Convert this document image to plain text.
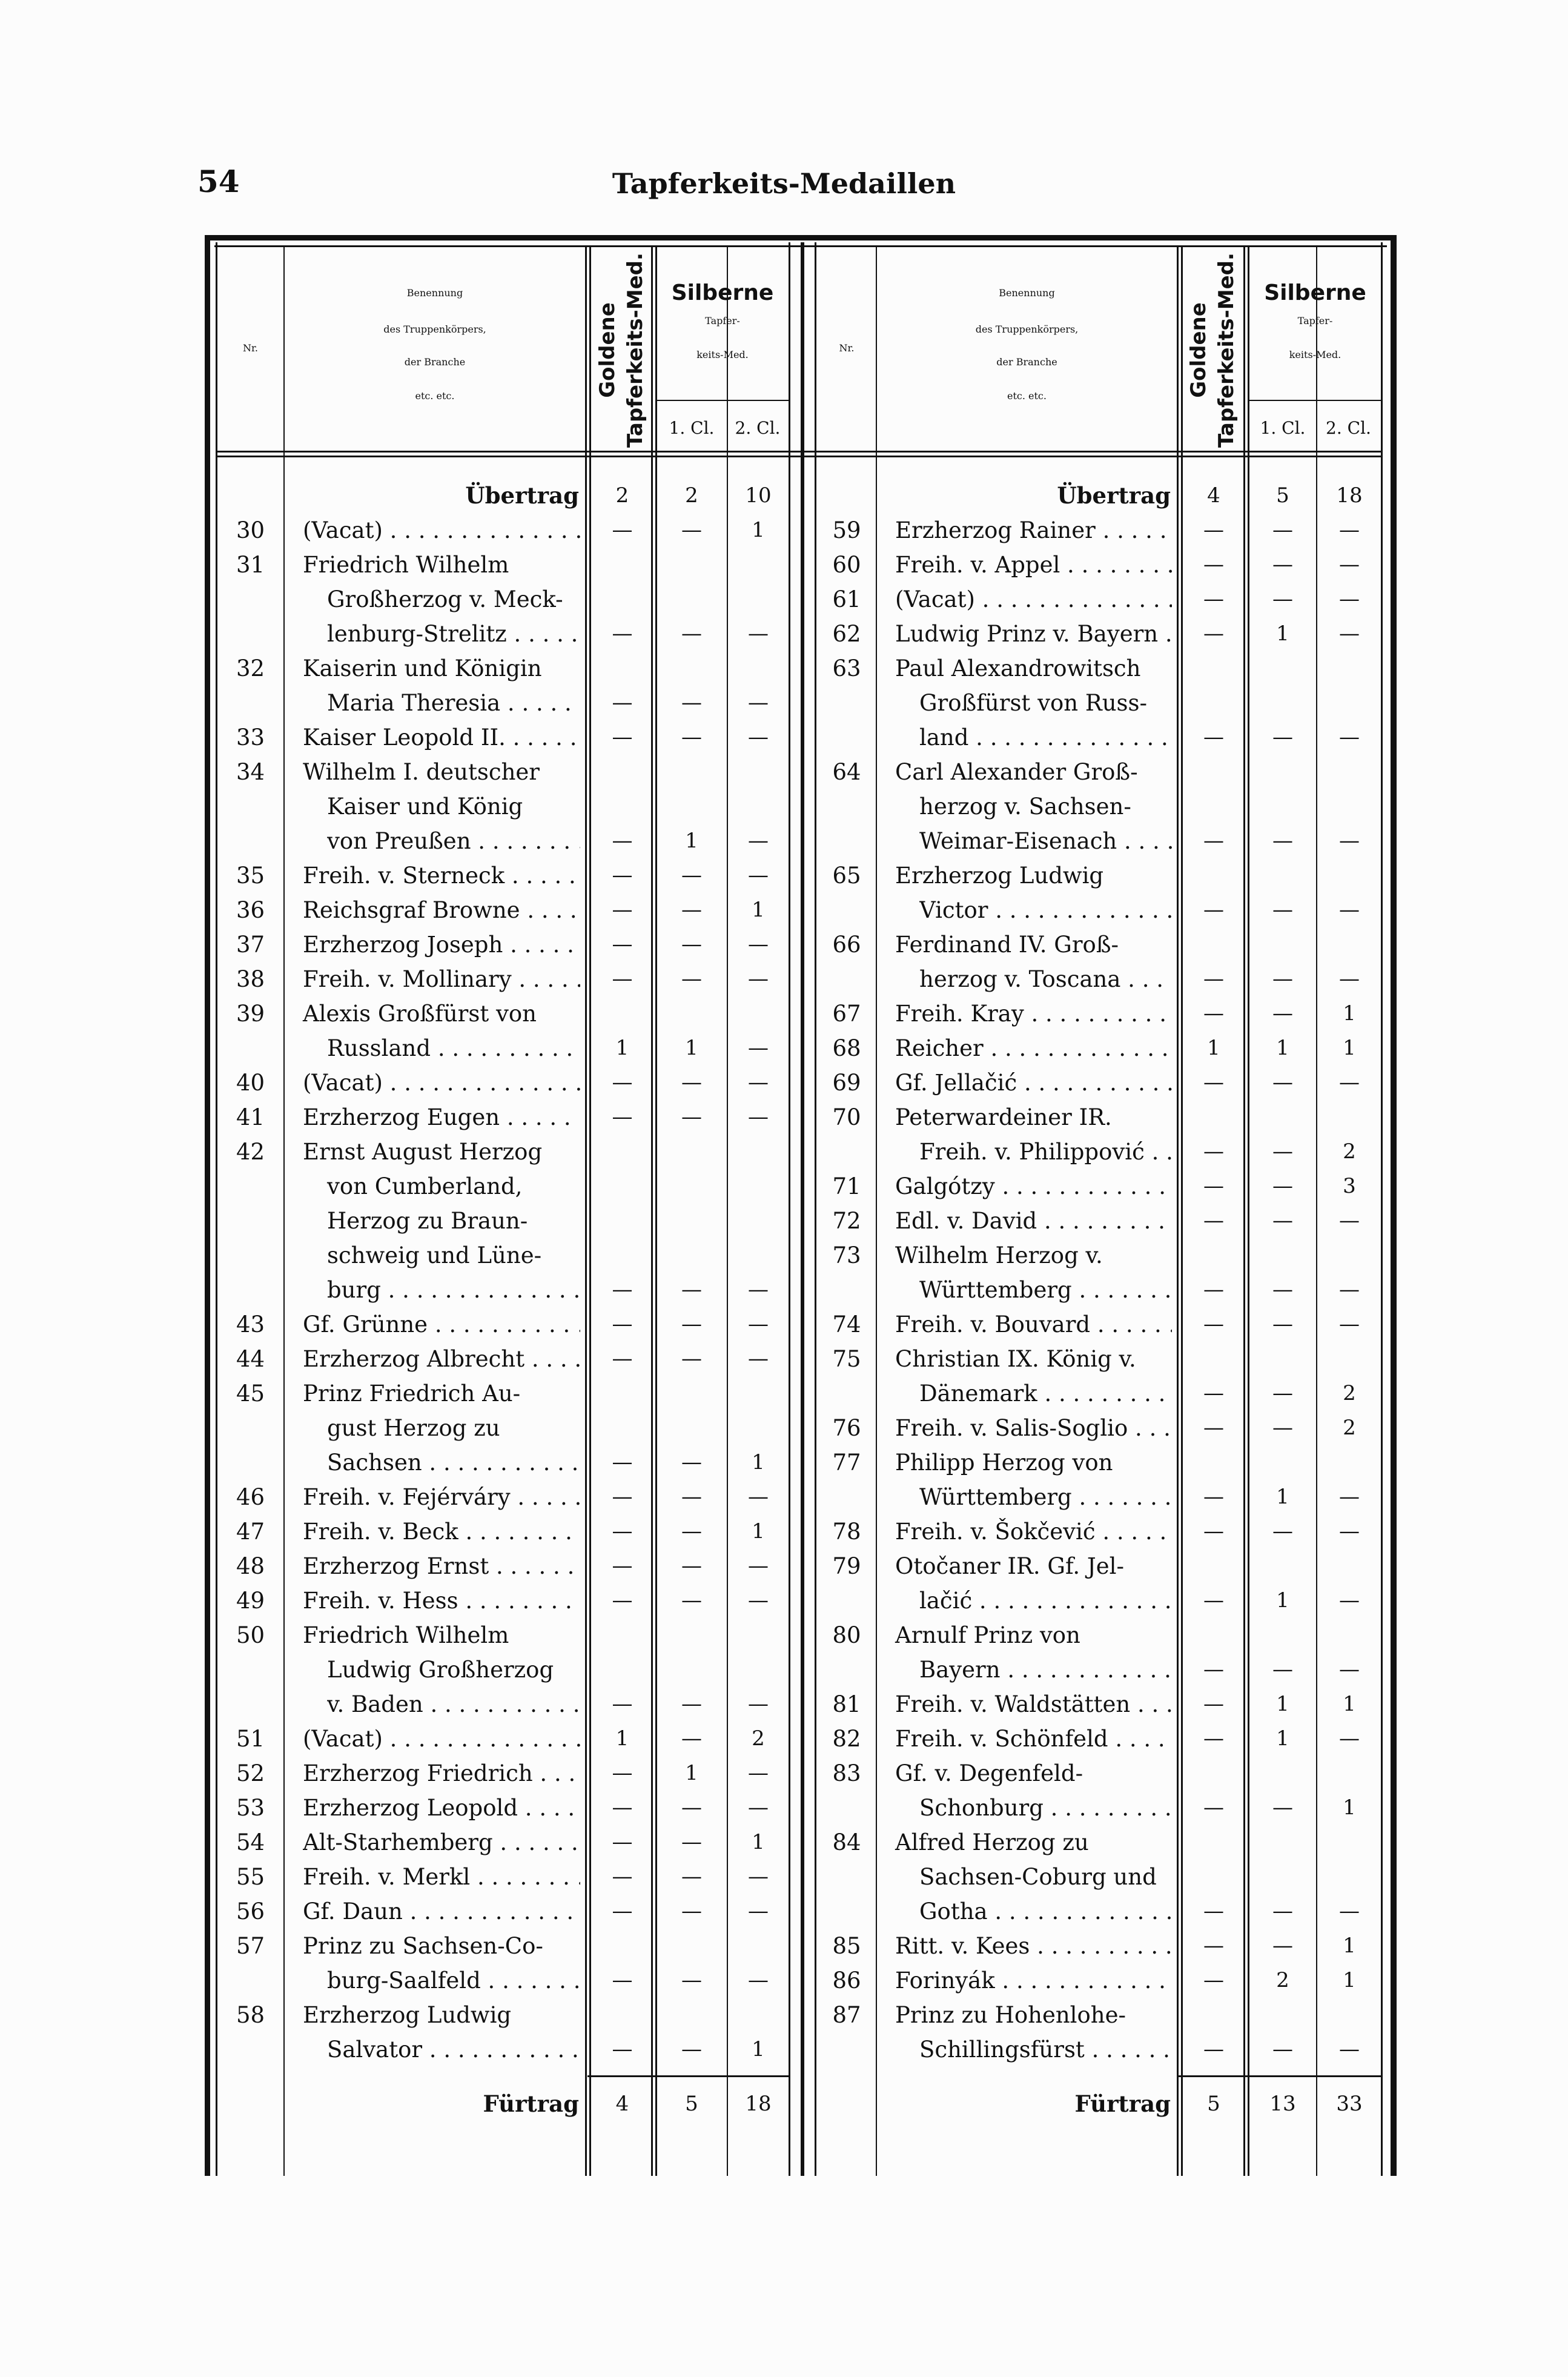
54	Tapferkeits-Medaillen
Nr.
Benennung
des Truppenkörpers,
der Branche
etc. etc.	Goldene Tapferkeits-Med.	Silberne
Tapfer-
keits-Med.
1. Cl.	2. Cl.
Übertrag	2	2	10
30	(Vacat) . . .	—	—	1
31	Friedrich Wilhelm
Großherzog v. Meck-
lenburg-Strelitz . . .	—	—	—
32	Kaiserin und Königin
Maria Theresia . . .	—	—	—
33	Kaiser Leopold II. . . .	—	—	—
34	Wilhelm I. deutscher
Kaiser und König
von Preußen . . .	—	1	—
35	Freih. v. Sterneck . . .	—	—	—
36	Reichsgraf Browne . . .	—	—	1
37	Erzherzog Joseph . . .	—	—	—
38	Freih. v. Mollinary . . .	—	—	—
39	Alexis Großfürst von
Russland . . .	1	1	—
40	(Vacat) . . .	—	—	—
41	Erzherzog Eugen . . .	—	—	—
42	Ernst August Herzog
von Cumberland,
Herzog zu Braun-
schweig und Lüne-
burg . . .	—	—	—
43	Gf. Grünne . . .	—	—	—
44	Erzherzog Albrecht . . .	—	—	—
45	Prinz Friedrich Au-
gust Herzog zu
Sachsen . . .	—	—	1
46	Freih. v. Fejérváry . . .	—	—	—
47	Freih. v. Beck . . .	—	—	1
48	Erzherzog Ernst . . .	—	—	—
49	Freih. v. Hess . . .	—	—	—
50	Friedrich Wilhelm
Ludwig Großherzog
v. Baden . . .	—	—	—
51	(Vacat) . . .	1	—	2
52	Erzherzog Friedrich . . .	—	1	—
53	Erzherzog Leopold . . .	—	—	—
54	Alt-Starhemberg . . .	—	—	1
55	Freih. v. Merkl . . .	—	—	—
56	Gf. Daun . . .	—	—	—
57	Prinz zu Sachsen-Co-
burg-Saalfeld . . .	—	—	—
58	Erzherzog Ludwig
Salvator . . .	—	—	1
Fürtrag	4	5	18
Nr.
Benennung
des Truppenkörpers,
der Branche
etc. etc.	Goldene Tapferkeits-Med.	Silberne
Tapfer-
keits-Med.
1. Cl.	2. Cl.
Übertrag	4	5	18
59	Erzherzog Rainer . . .	—	—	—
60	Freih. v. Appel . . .	—	—	—
61	(Vacat) . . .	—	—	—
62	Ludwig Prinz v. Bayern . . .	—	1	—
63	Paul Alexandrowitsch
Großfürst von Russ-
land . . .	—	—	—
64	Carl Alexander Groß-
herzog v. Sachsen-
Weimar-Eisenach . . .	—	—	—
65	Erzherzog Ludwig
Victor . . .	—	—	—
66	Ferdinand IV. Groß-
herzog v. Toscana . . .	—	—	—
67	Freih. Kray . . .	—	—	1
68	Reicher . . .	1	1	1
69	Gf. Jellačić . . .	—	—	—
70	Peterwardeiner IR.
Freih. v. Philippović . . .	—	—	2
71	Galgótzy . . .	—	—	3
72	Edl. v. David . . .	—	—	—
73	Wilhelm Herzog v.
Württemberg . . .	—	—	—
74	Freih. v. Bouvard . . .	—	—	—
75	Christian IX. König v.
Dänemark . . .	—	—	2
76	Freih. v. Salis-Soglio . . .	—	—	2
77	Philipp Herzog von
Württemberg . . .	—	1	—
78	Freih. v. Šokčević . . .	—	—	—
79	Otočaner IR. Gf. Jel-
lačić . . .	—	1	—
80	Arnulf Prinz von
Bayern . . .	—	—	—
81	Freih. v. Waldstätten . . .	—	1	1
82	Freih. v. Schönfeld . . .	—	1	—
83	Gf. v. Degenfeld-
Schonburg . . .	—	—	1
84	Alfred Herzog zu
Sachsen-Coburg und
Gotha . . .	—	—	—
85	Ritt. v. Kees . . .	—	—	1
86	Forinyák . . .	—	2	1
87	Prinz zu Hohenlohe-
Schillingsfürst . . .	—	—	—
Fürtrag	5	13	33
